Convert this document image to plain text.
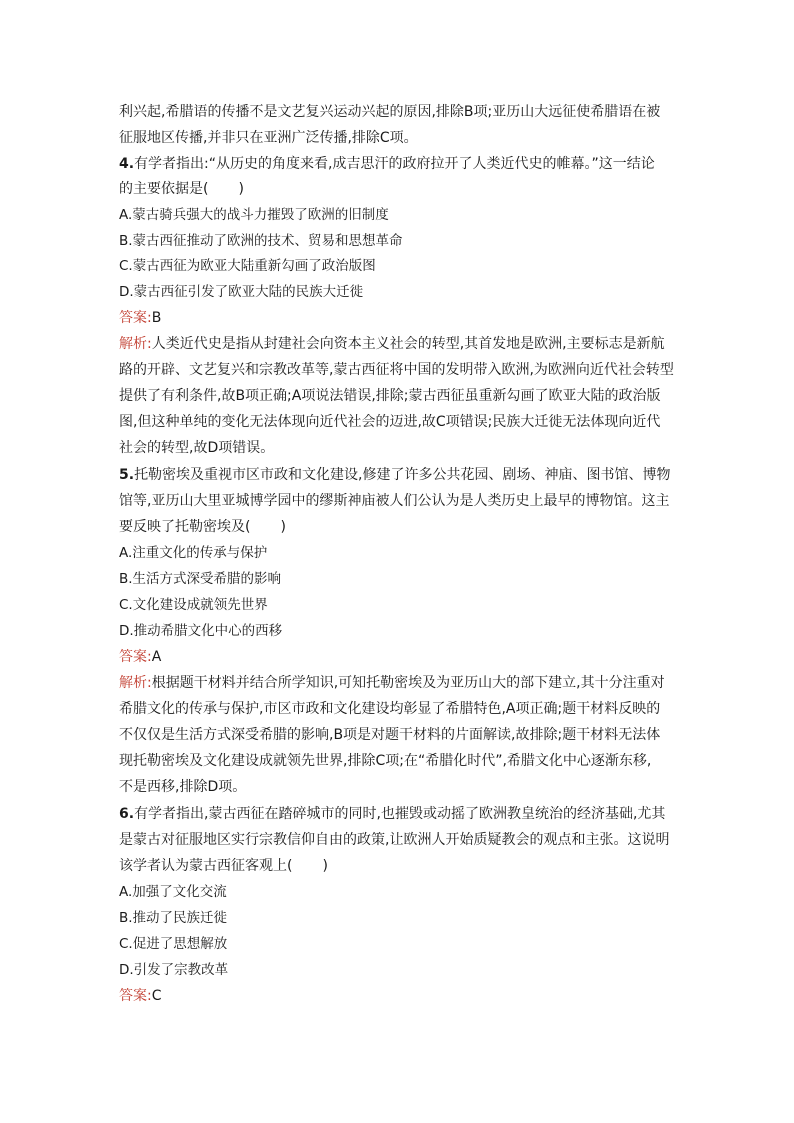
利兴起,希腊语的传播不是文艺复兴运动兴起的原因,排除B项;亚历山大远征使希腊语在被
征服地区传播,并非只在亚洲广泛传播,排除C项。
4.有学者指出:“从历史的角度来看,成吉思汗的政府拉开了人类近代史的帷幕。”这一结论
的主要依据是( )
A.蒙古骑兵强大的战斗力摧毁了欧洲的旧制度
B.蒙古西征推动了欧洲的技术、贸易和思想革命
C.蒙古西征为欧亚大陆重新勾画了政治版图
D.蒙古西征引发了欧亚大陆的民族大迁徙
答案:B
解析:人类近代史是指从封建社会向资本主义社会的转型,其首发地是欧洲,主要标志是新航
路的开辟、文艺复兴和宗教改革等,蒙古西征将中国的发明带入欧洲,为欧洲向近代社会转型
提供了有利条件,故B项正确;A项说法错误,排除;蒙古西征虽重新勾画了欧亚大陆的政治版
图,但这种单纯的变化无法体现向近代社会的迈进,故C项错误;民族大迁徙无法体现向近代
社会的转型,故D项错误。
5.托勒密埃及重视市区市政和文化建设,修建了许多公共花园、剧场、神庙、图书馆、博物
馆等,亚历山大里亚城博学园中的缪斯神庙被人们公认为是人类历史上最早的博物馆。这主
要反映了托勒密埃及( )
A.注重文化的传承与保护
B.生活方式深受希腊的影响
C.文化建设成就领先世界
D.推动希腊文化中心的西移
答案:A
解析:根据题干材料并结合所学知识,可知托勒密埃及为亚历山大的部下建立,其十分注重对
希腊文化的传承与保护,市区市政和文化建设均彰显了希腊特色,A项正确;题干材料反映的
不仅仅是生活方式深受希腊的影响,B项是对题干材料的片面解读,故排除;题干材料无法体
现托勒密埃及文化建设成就领先世界,排除C项;在“希腊化时代”,希腊文化中心逐渐东移,
不是西移,排除D项。
6.有学者指出,蒙古西征在踏碎城市的同时,也摧毁或动摇了欧洲教皇统治的经济基础,尤其
是蒙古对征服地区实行宗教信仰自由的政策,让欧洲人开始质疑教会的观点和主张。这说明
该学者认为蒙古西征客观上( )
A.加强了文化交流
B.推动了民族迁徙
C.促进了思想解放
D.引发了宗教改革
答案:C
